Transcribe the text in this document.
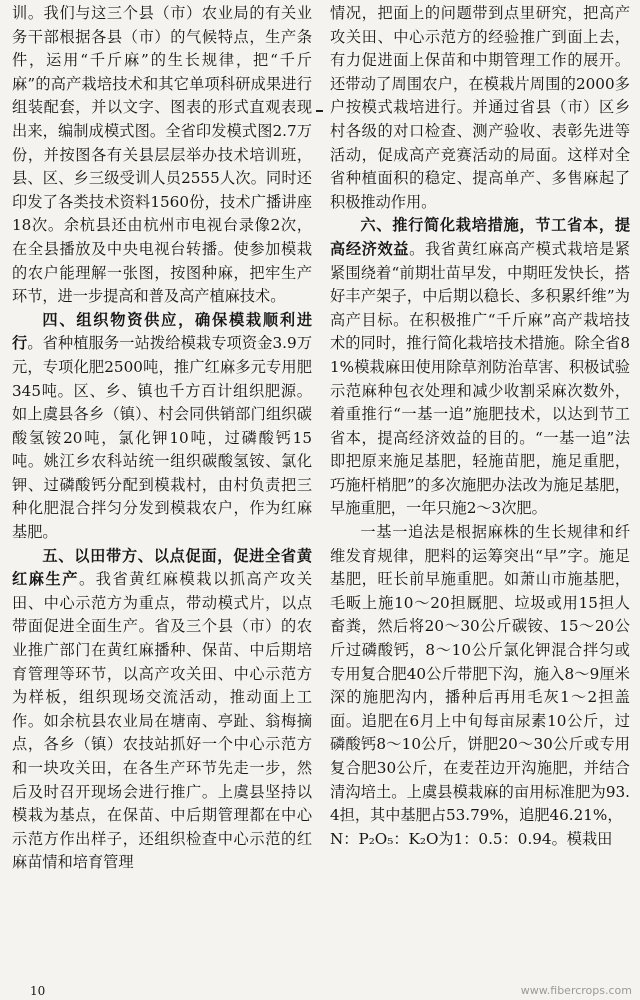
训。我们与这三个县（市）农业局的有关业务干部根据各县（市）的气候特点，生产条件，运用“千斤麻”的生长规律，把“千斤麻”的高产栽培技术和其它单项科研成果进行组装配套，并以文字、图表的形式直观表现出来，编制成模式图。全省印发模式图2.7万份，并按图各有关县层层举办技术培训班，县、区、乡三级受训人员2555人次。同时还印发了各类技术资料1560份，技术广播讲座18次。余杭县还由杭州市电视台录像2次，在全县播放及中央电视台转播。使参加模栽的农户能理解一张图，按图种麻，把牢生产环节，进一步提高和普及高产植麻技术。

四、组织物资供应，确保模栽顺利进行。省种植服务一站拨给模栽专项资金3.9万元，专项化肥2500吨，推广红麻多元专用肥345吨。区、乡、镇也千方百计组织肥源。如上虞县各乡（镇）、村会同供销部门组织碳酸氢铵20吨，氯化钾10吨，过磷酸钙15吨。姚江乡农科站统一组织碳酸氢铵、氯化钾、过磷酸钙分配到模栽村，由村负责把三种化肥混合拌匀分发到模栽农户，作为红麻基肥。

五、以田带方、以点促面，促进全省黄红麻生产。我省黄红麻模栽以抓高产攻关田、中心示范方为重点，带动模式片，以点带面促进全面生产。省及三个县（市）的农业推广部门在黄红麻播种、保苗、中后期培育管理等环节，以高产攻关田、中心示范方为样板，组织现场交流活动，推动面上工作。如余杭县农业局在塘南、亭趾、翁梅摘点，各乡（镇）农技站抓好一个中心示范方和一块攻关田，在各生产环节先走一步，然后及时召开现场会进行推广。上虞县坚持以模栽为基点，在保苗、中后期管理都在中心示范方作出样子，还组织检查中心示范的红麻苗情和培育管理

情况，把面上的问题带到点里研究，把高产攻关田、中心示范方的经验推广到面上去，有力促进面上保苗和中期管理工作的展开。还带动了周围农户，在模栽片周围的2000多户按模式栽培进行。并通过省县（市）区乡村各级的对口检查、测产验收、表彰先进等活动，促成高产竞赛活动的局面。这样对全省种植面积的稳定、提高单产、多售麻起了积极推动作用。

六、推行简化栽培措施，节工省本，提高经济效益。我省黄红麻高产模式栽培是紧紧围绕着“前期壮苗早发，中期旺发快长，搭好丰产架子，中后期以稳长、多积累纤维”为高产目标。在积极推广“千斤麻”高产栽培技术的同时，推行简化栽培技术措施。除全省81%模栽麻田使用除草剂防治草害、积极试验示范麻种包衣处理和减少收割采麻次数外，着重推行“一基一追”施肥技术，以达到节工省本，提高经济效益的目的。“一基一追”法即把原来施足基肥，轻施苗肥，施足重肥，巧施杆梢肥”的多次施肥办法改为施足基肥，早施重肥，一年只施2～3次肥。

一基一追法是根据麻株的生长规律和纤维发育规律，肥料的运筹突出“早”字。施足基肥，旺长前早施重肥。如萧山市施基肥，毛畈上施10～20担厩肥、垃圾或用15担人畜粪，然后将20～30公斤碳铵、15～20公斤过磷酸钙，8～10公斤氯化钾混合拌匀或专用复合肥40公斤带肥下沟，施入8～9厘米深的施肥沟内，播种后再用毛灰1～2担盖面。追肥在6月上中旬每亩尿素10公斤，过磷酸钙8～10公斤，饼肥20～30公斤或专用复合肥30公斤，在麦茬边开沟施肥，并结合清沟培土。上虞县模栽麻的亩用标准肥为93.4担，其中基肥占53.79%，追肥46.21%，

N：P₂O₅：K₂O为1：0.5：0.94。模栽田

10	www.fibercrops.com
